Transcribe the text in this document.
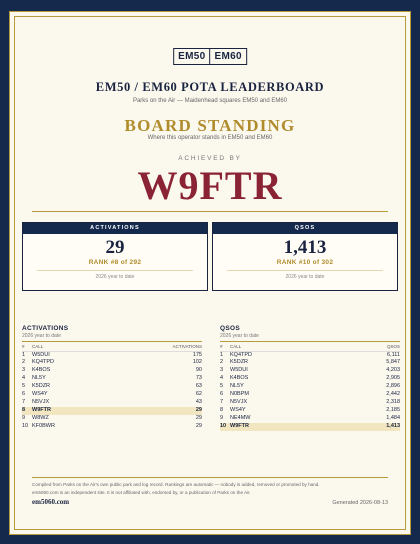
EM50 EM60
EM50 / EM60 POTA LEADERBOARD
Parks on the Air — Maidenhead squares EM50 and EM60
BOARD STANDING
Where this operator stands in EM50 and EM60
ACHIEVED BY
W9FTR
ACTIVATIONS
29
RANK #8 of 292
2026 year to date
QSOS
1,413
RANK #10 of 302
2026 year to date
ACTIVATIONS
2026 year to date
#	CALL	ACTIVATIONS
1	W5DUI	175
2	KQ4TPD	102
3	K4BOS	90
4	NL5Y	73
5	K5DZR	63
6	WS4Y	62
7	N5VJX	43
8	W9FTR	29
9	W8WZ	29
10	KF0BWR	29
QSOS
2026 year to date
#	CALL	QSOS
1	KQ4TPD	6,111
2	K5DZR	5,847
3	W5DUI	4,203
4	K4BOS	2,905
5	NL5Y	2,896
6	N0BPM	2,442
7	N5VJX	2,318
8	WS4Y	2,185
9	NE4MW	1,484
10	W9FTR	1,413
Compiled from Parks on the Air's own public park and log record. Rankings are automatic — nobody is added, removed or promoted by hand.
em5060.com is an independent site. It is not affiliated with, endorsed by, or a publication of Parks on the Air.
em5060.com	Generated 2026-08-13
